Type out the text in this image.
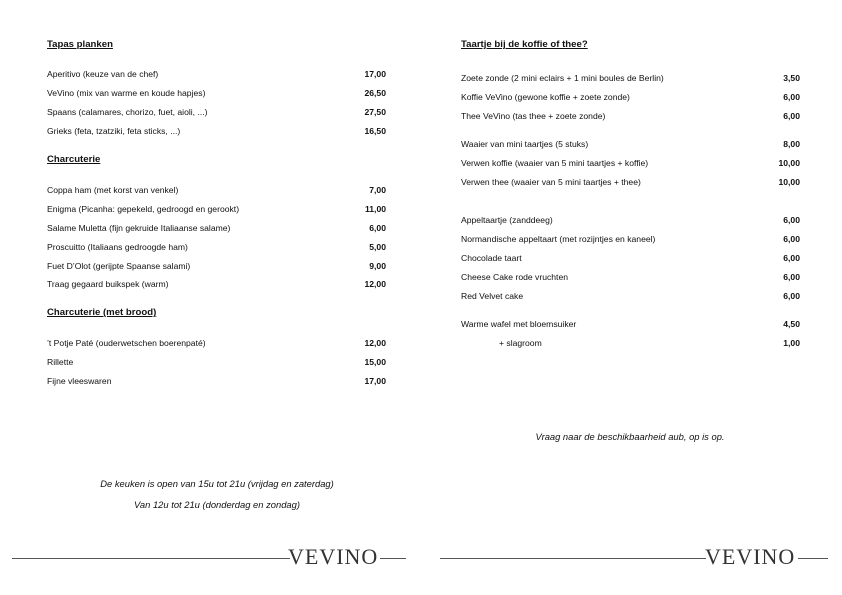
Tapas planken
Aperitivo (keuze van de chef)	17,00
VeVino (mix van warme en koude hapjes)	26,50
Spaans (calamares, chorizo, fuet, aioli, ...)	27,50
Grieks (feta, tzatziki, feta sticks, ...)	16,50
Charcuterie
Coppa ham (met korst van venkel)	7,00
Enigma (Picanha: gepekeld, gedroogd en gerookt)	11,00
Salame Muletta (fijn gekruide Italiaanse salame)	6,00
Proscuitto (Italiaans gedroogde ham)	5,00
Fuet D’Olot (gerijpte Spaanse salami)	9,00
Traag gegaard buikspek (warm)	12,00
Charcuterie (met brood)
’t Potje Paté (ouderwetschen boerenpaté)	12,00
Rillette	15,00
Fijne vleeswaren	17,00
Taartje bij de koffie of thee?
Zoete zonde (2 mini eclairs + 1 mini boules de Berlin)	3,50
Koffie VeVino (gewone koffie + zoete zonde)	6,00
Thee VeVino (tas thee + zoete zonde)	6,00
Waaier van mini taartjes (5 stuks)	8,00
Verwen koffie (waaier van 5 mini taartjes + koffie)	10,00
Verwen thee (waaier van 5 mini taartjes + thee)	10,00
Appeltaartje (zanddeeg)	6,00
Normandische appeltaart (met rozijntjes en kaneel)	6,00
Chocolade taart	6,00
Cheese Cake rode vruchten	6,00
Red Velvet cake	6,00
Warme wafel met bloemsuiker	4,50
+ slagroom	1,00
De keuken is open van 15u tot 21u (vrijdag en zaterdag)
Van 12u tot 21u (donderdag en zondag)
Vraag naar de beschikbaarheid aub, op is op.
VEVINO	VEVINO
